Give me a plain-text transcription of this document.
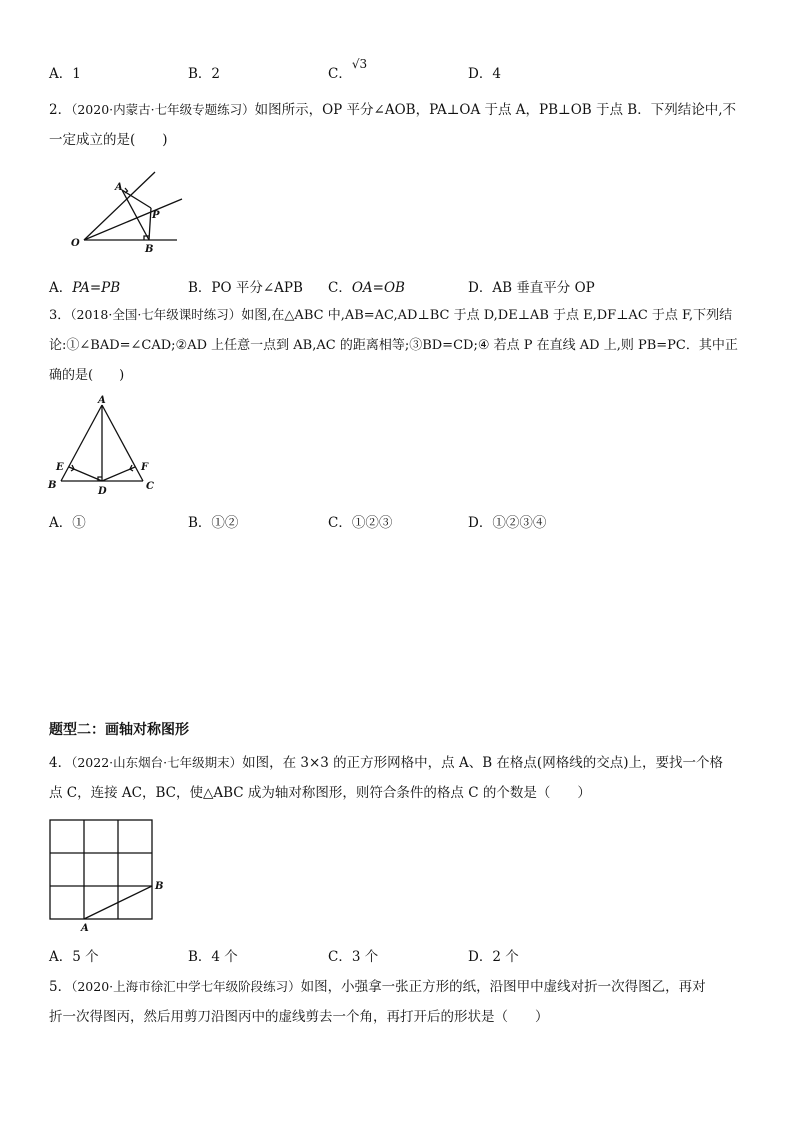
A．1	B．2	C．√3
D．4

2．（2020·内蒙古·七年级专题练习）如图所示，OP 平分∠AOB，PA⊥OA 于点 A，PB⊥OB 于点 B．下列结论中,不

一定成立的是(　　)

A
O
P
B
A．PA=PB	B．PO 平分∠APB C．OA=OB	D．AB 垂直平分 OP

3．（2018·全国·七年级课时练习）如图,在△ABC 中,AB=AC,AD⊥BC 于点 D,DE⊥AB 于点 E,DF⊥AC 于点 F,下列结

论:①∠BAD=∠CAD;②AD 上任意一点到 AB,AC 的距离相等;③BD=CD;④ 若点 P 在直线 AD 上,则 PB=PC．其中正

确的是(　　)

A
E	F
B
D	C
A．①	B．①②	C．①②③	D．①②③④
题型二：画轴对称图形

4．（2022·山东烟台·七年级期末）如图，在 3×3 的正方形网格中，点 A、B 在格点(网格线的交点)上，要找一个格

点 C，连接 AC，BC，使△ABC 成为轴对称图形，则符合条件的格点 C 的个数是（　　）

B
A
A．5 个	B．4 个	C．3 个	D．2 个

5．（2020·上海市徐汇中学七年级阶段练习）如图，小强拿一张正方形的纸，沿图甲中虚线对折一次得图乙，再对

折一次得图丙，然后用剪刀沿图丙中的虚线剪去一个角，再打开后的形状是（　　）
